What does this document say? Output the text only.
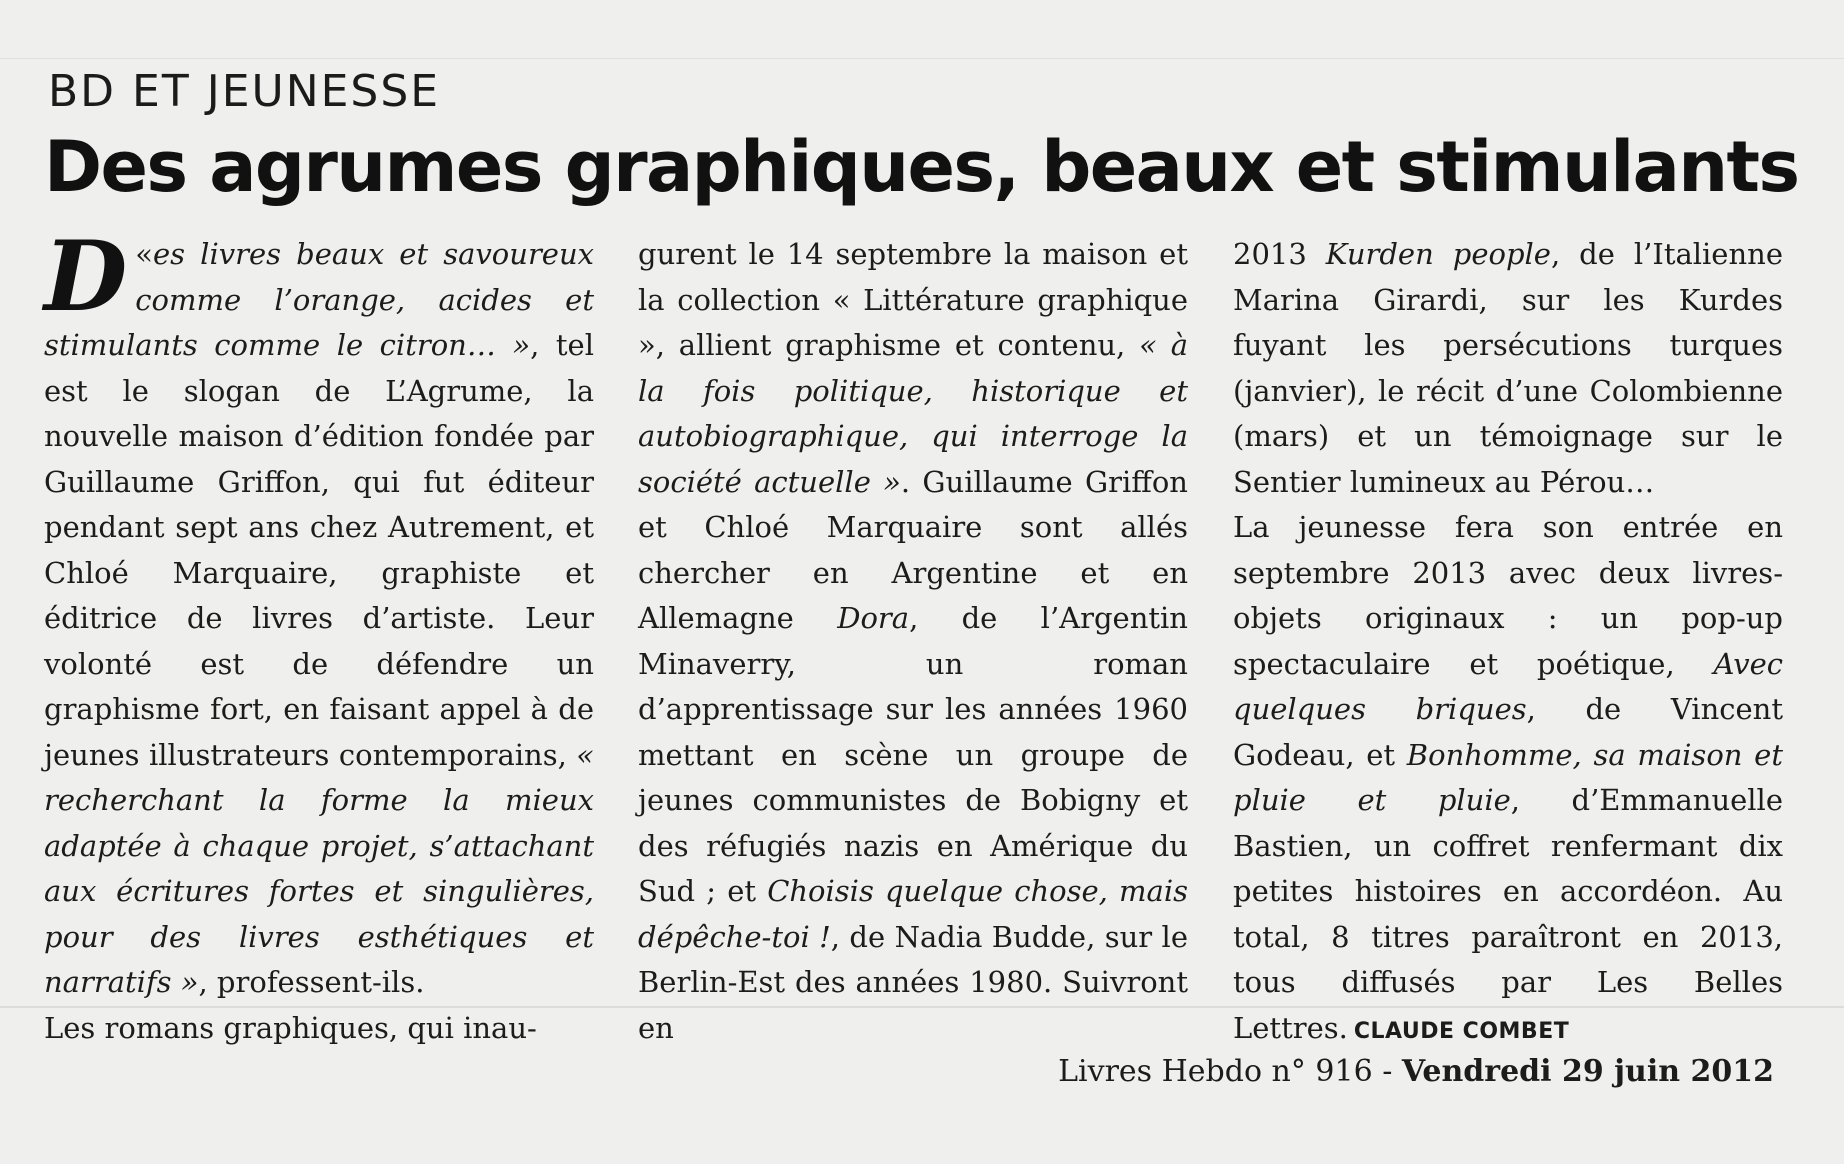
BD ET JEUNESSE
Des agrumes graphiques, beaux et stimulants

«
D es livres beaux et savoureux comme l’orange, acides et stimulants comme le citron… », tel est le slogan de L’Agrume, la nouvelle maison d’édition fondée par Guillaume Griffon, qui fut éditeur pendant sept ans chez Autrement, et Chloé Marquaire, graphiste et éditrice de livres d’artiste. Leur volonté est de défendre un graphisme fort, en faisant appel à de jeunes illustrateurs contemporains, « recherchant la forme la mieux adaptée à chaque projet, s’attachant aux écritures fortes et singulières, pour des livres esthétiques et narratifs », professent-ils.

Les romans graphiques, qui inau-

gurent le 14 septembre la maison et la collection « Littérature graphique », allient graphisme et contenu, « à la fois politique, historique et autobiographique, qui interroge la société actuelle ». Guillaume Griffon et Chloé Marquaire sont allés chercher en Argentine et en Allemagne Dora, de l’Argentin Minaverry, un roman d’apprentissage sur les années 1960 mettant en scène un groupe de jeunes communistes de Bobigny et des réfugiés nazis en Amérique du Sud ; et Choisis quelque chose, mais dépêche-toi !, de Nadia Budde, sur le Berlin-Est des années 1980. Suivront en

2013 Kurden people, de l’Italienne Marina Girardi, sur les Kurdes fuyant les persécutions turques (janvier), le récit d’une Colombienne (mars) et un témoignage sur le Sentier lumineux au Pérou…

La jeunesse fera son entrée en septembre 2013 avec deux livres-objets originaux : un pop-up spectaculaire et poétique, Avec quelques briques, de Vincent Godeau, et Bonhomme, sa maison et pluie et pluie, d’Emmanuelle Bastien, un coffret renfermant dix petites histoires en accordéon. Au total, 8 titres paraîtront en 2013, tous diffusés par Les Belles Lettres. CLAUDE COMBET

Livres Hebdo n° 916 - Vendredi 29 juin 2012
